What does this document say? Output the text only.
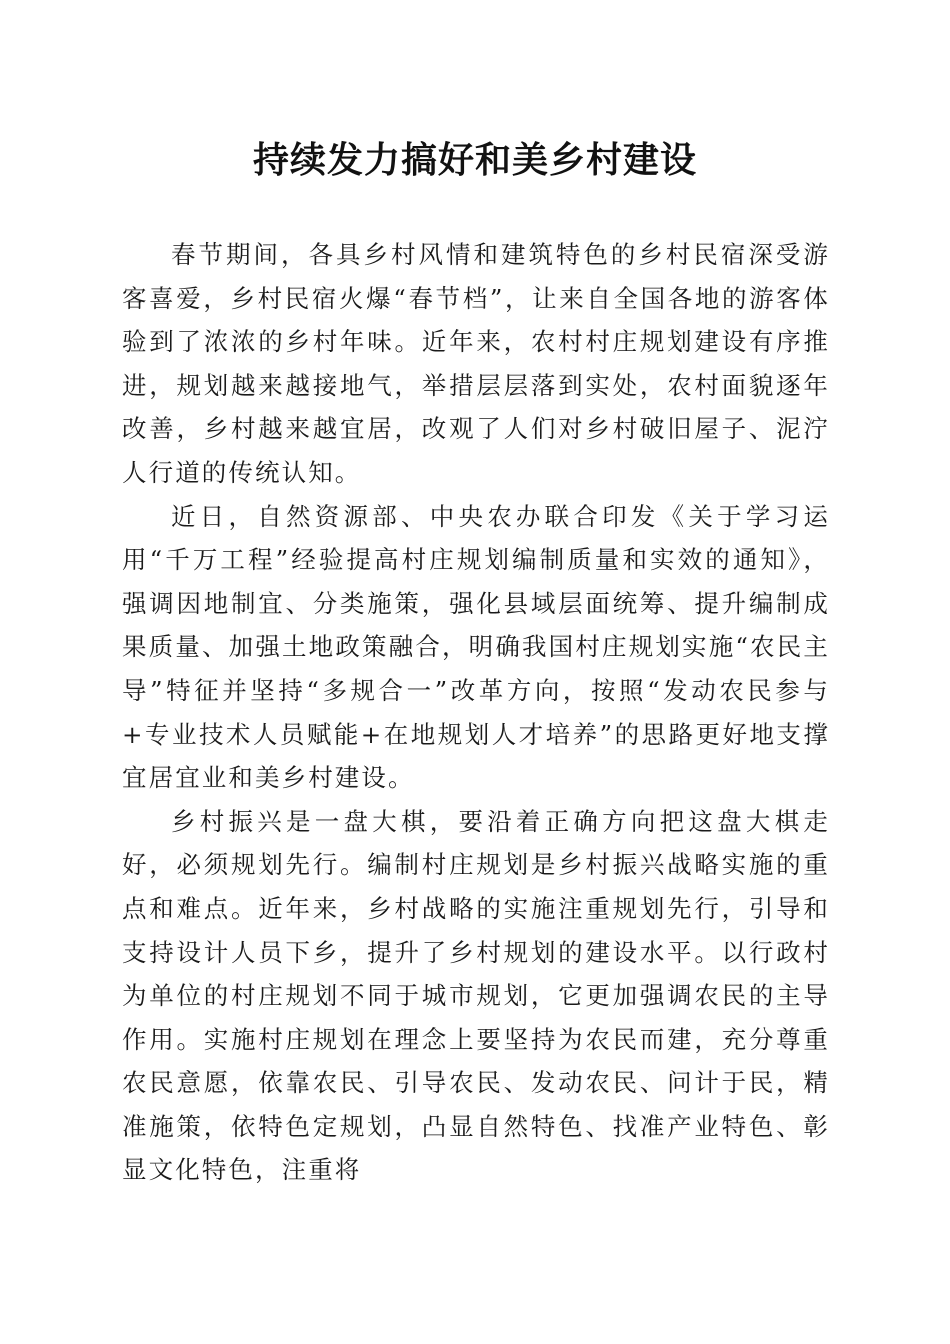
持续发力搞好和美乡村建设

春节期间，各具乡村风情和建筑特色的乡村民宿深受游客喜爱，乡村民宿火爆“春节档”，让来自全国各地的游客体验到了浓浓的乡村年味。近年来，农村村庄规划建设有序推进，规划越来越接地气，举措层层落到实处，农村面貌逐年改善，乡村越来越宜居，改观了人们对乡村破旧屋子、泥泞人行道的传统认知。

近日，自然资源部、中央农办联合印发《关于学习运用“千万工程”经验提高村庄规划编制质量和实效的通知》，强调因地制宜、分类施策，强化县域层面统筹、提升编制成果质量、加强土地政策融合，明确我国村庄规划实施“农民主导”特征并坚持“多规合一”改革方向，按照“发动农民参与+专业技术人员赋能+在地规划人才培养”的思路更好地支撑宜居宜业和美乡村建设。

乡村振兴是一盘大棋，要沿着正确方向把这盘大棋走好，必须规划先行。编制村庄规划是乡村振兴战略实施的重点和难点。近年来，乡村战略的实施注重规划先行，引导和支持设计人员下乡，提升了乡村规划的建设水平。以行政村为单位的村庄规划不同于城市规划，它更加强调农民的主导作用。实施村庄规划在理念上要坚持为农民而建，充分尊重农民意愿，依靠农民、引导农民、发动农民、问计于民，精准施策，依特色定规划，凸显自然特色、找准产业特色、彰显文化特色，注重将
